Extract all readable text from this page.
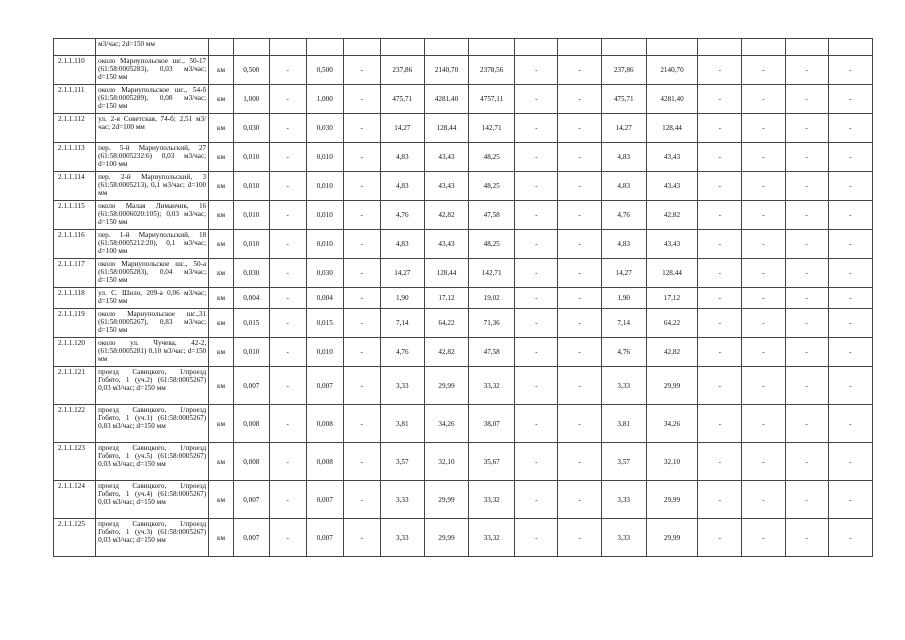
	м3/час; 2d=150 мм																
2.1.1.110	около Мариупольское шс., 50-17 (61:58:0005283), 0,03 м3/час; d=150 мм	км	0,500	-	0,500	-	237,86	2140,70	2378,56	-	-	237,86	2140,70	-	-	-	-
2.1.1.111	около Мариупольское шс., 54-б (61:58:0005289), 0,08 м3/час; d=150 мм	км	1,000	-	1,000	-	475,71	4281,40	4757,11	-	-	475,71	4281,40	-	-	-	-
2.1.1.112	ул. 2-я Советская, 74-б; 2,51 м3/час; 2d=100 мм	км	0,030	-	0,030	-	14,27	128,44	142,71	-	-	14,27	128,44	-	-	-	-
2.1.1.113	пер. 5-й Мариупольский, 27 (61:58:0005232:6) 0,03 м3/час; d=100 мм	км	0,010	-	0,010	-	4,83	43,43	48,25	-	-	4,83	43,43	-	-	-	-
2.1.1.114	пер. 2-й Мариупольский, 3 (61:58:0005213), 0,1 м3/час; d=100 мм	км	0,010	-	0,010	-	4,83	43,43	48,25	-	-	4,83	43,43	-	-	-	-
2.1.1.115	около Малая Лиманчик, 16 (61:58:0006020:105); 0,03 м3/час; d=150 мм	км	0,010	-	0,010	-	4,76	42,82	47,58	-	-	4,76	42,82	-	-	-	-
2.1.1.116	пер. 1-й Мариупольский, 18 (61:58:0005212:20), 0,1 м3/час; d=100 мм	км	0,010	-	0,010	-	4,83	43,43	48,25	-	-	4,83	43,43	-	-	-	-
2.1.1.117	около Мариупольское шс., 50-а (61:58:0005283), 0,04 м3/час; d=150 мм	км	0,030	-	0,030	-	14,27	128,44	142,71	-	-	14,27	128,44	-	-	-	-
2.1.1.118	ул. С. Шило, 209-а 0,06 м3/час; d=150 мм	км	0,004	-	0,004	-	1,90	17,12	19,02	-	-	1,90	17,12	-	-	-	-
2.1.1.119	около Мариупольское шс.,31 (61:58:0005267), 0,83 м3/час; d=150 мм	км	0,015	-	0,015	-	7,14	64,22	71,36	-	-	7,14	64,22	-	-	-	-
2.1.1.120	около ул. Чучева, 42-2, (61:58:0005281) 0,10 м3/час; d=150 мм	км	0,010	-	0,010	-	4,76	42,82	47,58	-	-	4,76	42,82	-	-	-	-
2.1.1.121	проезд Савицкого, 1/проезд Гобято, 1 (уч.2) (61:58:0005267) 0,03 м3/час; d=150 мм	км	0,007	-	0,007	-	3,33	29,99	33,32	-	-	3,33	29,99	-	-	-	-
2.1.1.122	проезд Савицкого, 1/проезд Гобято, 1 (уч.1) (61:58:0005267) 0,83 м3/час; d=150 мм	км	0,008	-	0,008	-	3,81	34,26	38,07	-	-	3,81	34,26	-	-	-	-
2.1.1.123	проезд Савицкого, 1/проезд Гобято, 1 (уч.5) (61:58:0005267) 0,03 м3/час; d=150 мм	км	0,008	-	0,008	-	3,57	32,10	35,67	-	-	3,57	32,10	-	-	-	-
2.1.1.124	проезд Савицкого, 1/проезд Гобято, 1 (уч.4) (61:58:0005267) 0,03 м3/час; d=150 мм	км	0,007	-	0,007	-	3,33	29,99	33,32	-	-	3,33	29,99	-	-	-	-
2.1.1.125	проезд Савицкого, 1/проезд Гобято, 1 (уч.3) (61:58:0005267) 0,03 м3/час; d=150 мм	км	0,007	-	0,007	-	3,33	29,99	33,32	-	-	3,33	29,99	-	-	-	-
